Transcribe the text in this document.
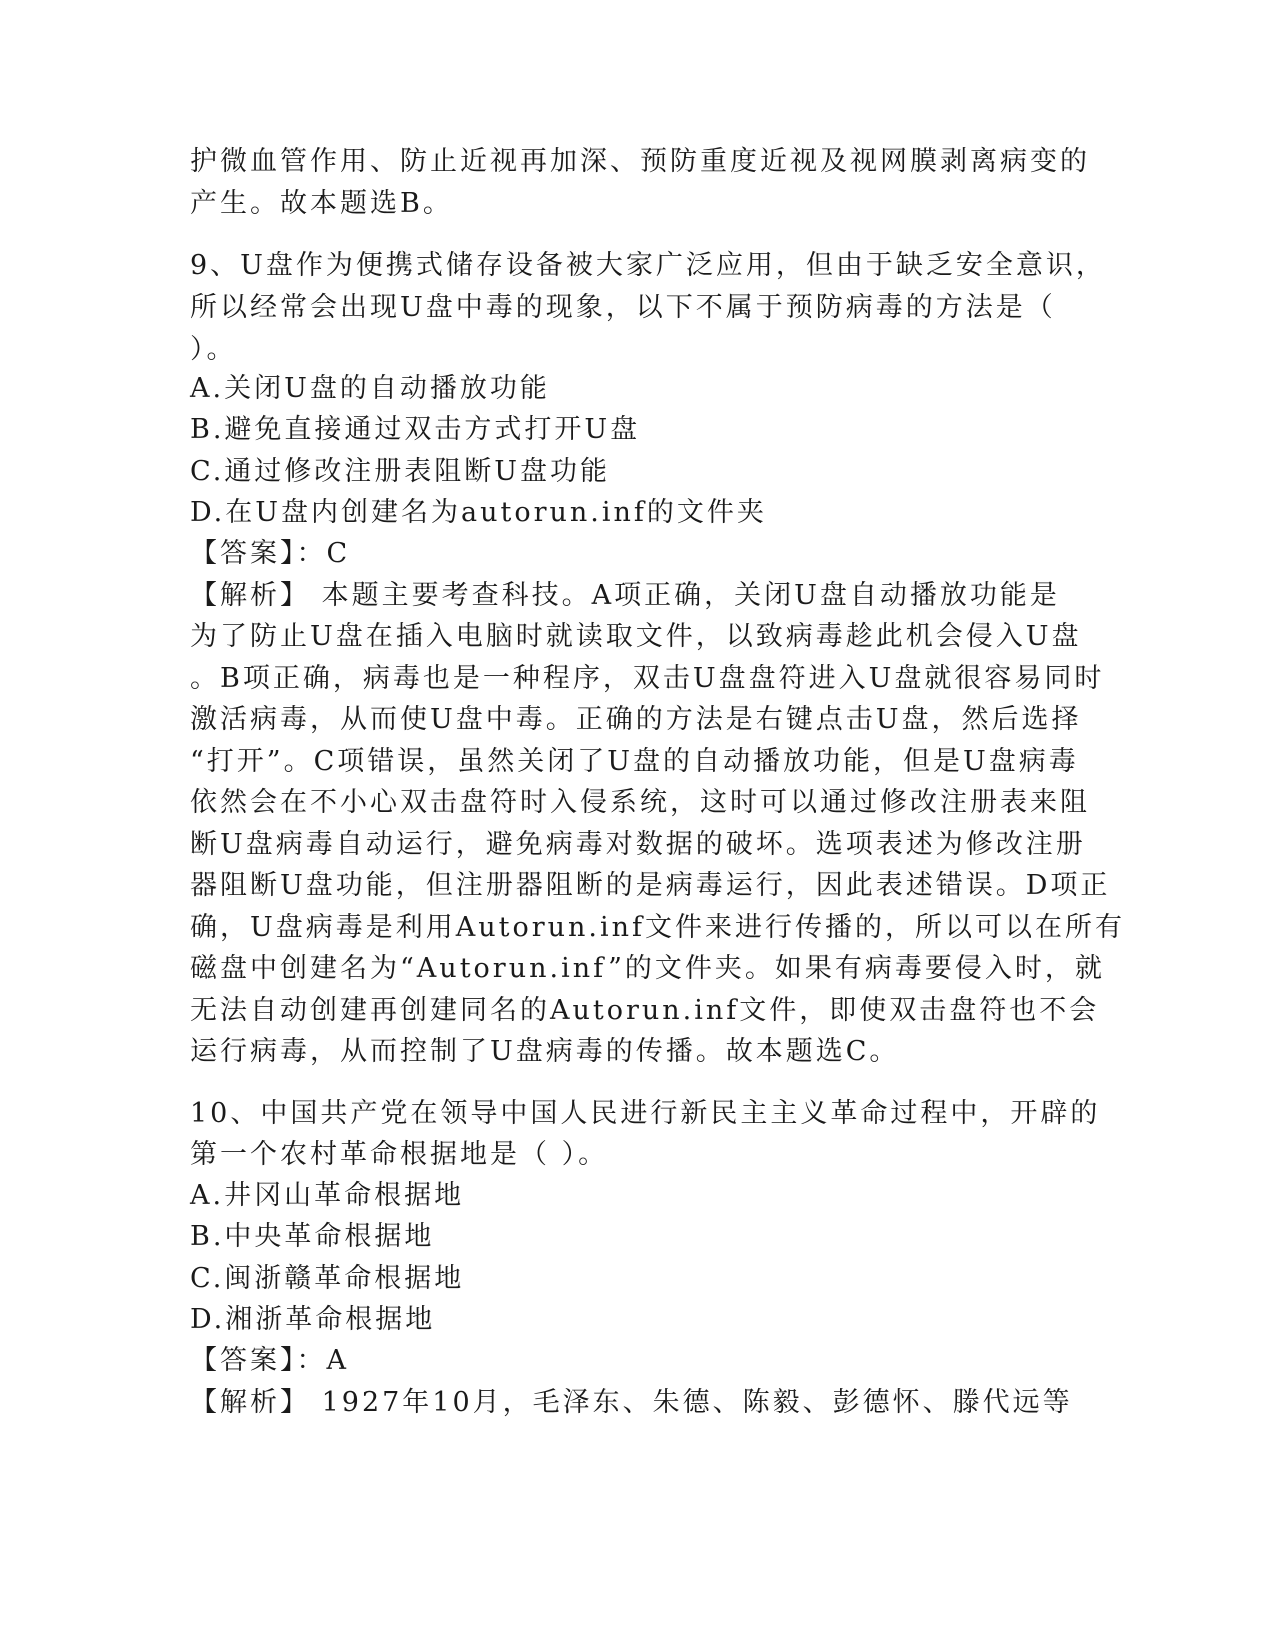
护微血管作用、防止近视再加深、预防重度近视及视网膜剥离病变的
产生。故本题选B。
9、U盘作为便携式储存设备被大家广泛应用，但由于缺乏安全意识，
所以经常会出现U盘中毒的现象，以下不属于预防病毒的方法是（
）。
A.关闭U盘的自动播放功能
B.避免直接通过双击方式打开U盘
C.通过修改注册表阻断U盘功能
D.在U盘内创建名为autorun.inf的文件夹
【答案】：C
【解析】 本题主要考查科技。A项正确，关闭U盘自动播放功能是
为了防止U盘在插入电脑时就读取文件，以致病毒趁此机会侵入U盘
。B项正确，病毒也是一种程序，双击U盘盘符进入U盘就很容易同时
激活病毒，从而使U盘中毒。正确的方法是右键点击U盘，然后选择
“打开”。C项错误，虽然关闭了U盘的自动播放功能，但是U盘病毒
依然会在不小心双击盘符时入侵系统，这时可以通过修改注册表来阻
断U盘病毒自动运行，避免病毒对数据的破坏。选项表述为修改注册
器阻断U盘功能，但注册器阻断的是病毒运行，因此表述错误。D项正
确，U盘病毒是利用Autorun.inf文件来进行传播的，所以可以在所有
磁盘中创建名为“Autorun.inf”的文件夹。如果有病毒要侵入时，就
无法自动创建再创建同名的Autorun.inf文件，即使双击盘符也不会
运行病毒，从而控制了U盘病毒的传播。故本题选C。
10、中国共产党在领导中国人民进行新民主主义革命过程中，开辟的
第一个农村革命根据地是（ ）。
A.井冈山革命根据地
B.中央革命根据地
C.闽浙赣革命根据地
D.湘浙革命根据地
【答案】：A
【解析】 1927年10月，毛泽东、朱德、陈毅、彭德怀、滕代远等
